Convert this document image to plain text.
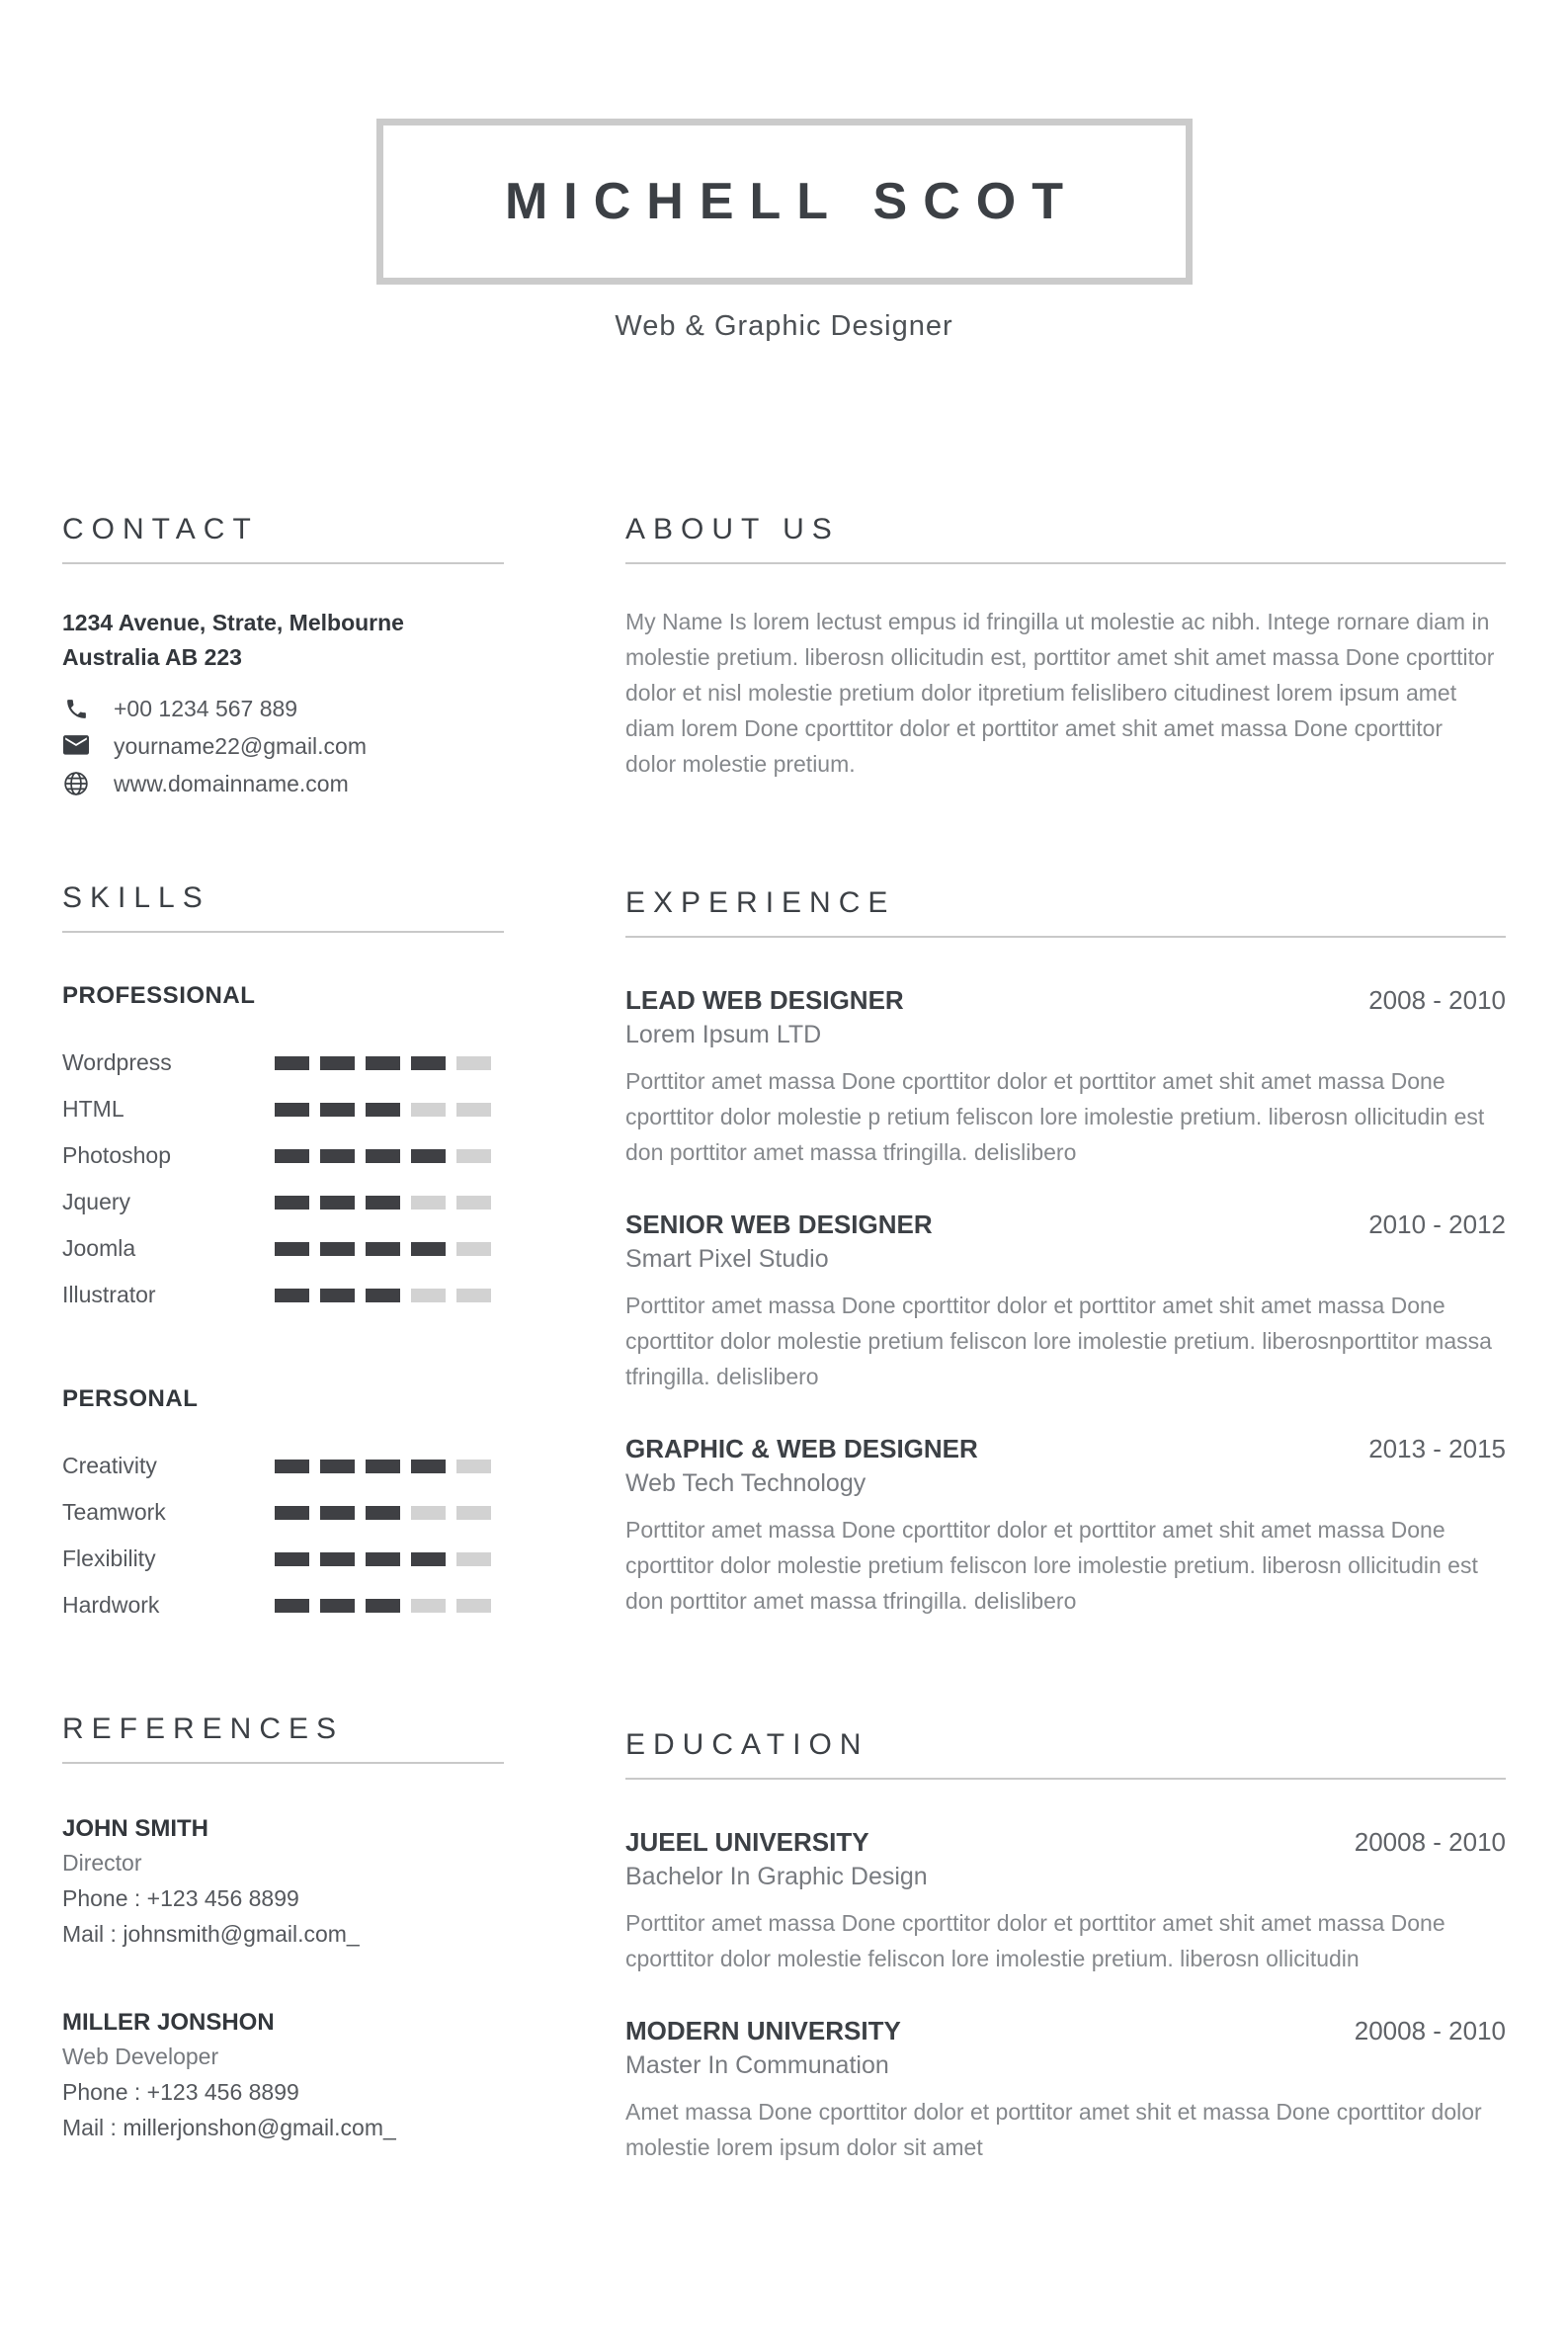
MICHELL SCOT
Web & Graphic Designer
CONTACT
1234 Avenue, Strate, Melbourne
Australia AB 223
+00 1234 567 889
yourname22@gmail.com
www.domainname.com
SKILLS
PROFESSIONAL
Wordpress
HTML
Photoshop
Jquery
Joomla
Illustrator
PERSONAL
Creativity
Teamwork
Flexibility
Hardwork
REFERENCES
JOHN SMITH
Director
Phone : +123 456 8899
Mail : johnsmith@gmail.com_
MILLER JONSHON
Web Developer
Phone : +123 456 8899
Mail : millerjonshon@gmail.com_
ABOUT US

My Name Is lorem lectust empus id fringilla ut molestie ac nibh. Intege rornare diam in molestie pretium. liberosn ollicitudin est, porttitor amet shit amet massa Done cporttitor dolor et nisl molestie pretium dolor itpretium felislibero citudinest lorem ipsum amet diam lorem Done cporttitor dolor et porttitor amet shit amet massa Done cporttitor dolor molestie pretium.

EXPERIENCE
LEAD WEB DESIGNER	2008 - 2010
Lorem Ipsum LTD

Porttitor amet massa Done cporttitor dolor et porttitor amet shit amet massa Done cporttitor dolor molestie p retium feliscon lore imolestie pretium. liberosn ollicitudin est don porttitor amet massa tfringilla. delislibero

SENIOR WEB DESIGNER	2010 - 2012
Smart Pixel Studio

Porttitor amet massa Done cporttitor dolor et porttitor amet shit amet massa Done cporttitor dolor molestie pretium feliscon lore imolestie pretium. liberosnporttitor massa tfringilla. delislibero

GRAPHIC & WEB DESIGNER	2013 - 2015
Web Tech Technology

Porttitor amet massa Done cporttitor dolor et porttitor amet shit amet massa Done cporttitor dolor molestie pretium feliscon lore imolestie pretium. liberosn ollicitudin est don porttitor amet massa tfringilla. delislibero

EDUCATION
JUEEL UNIVERSITY	20008 - 2010
Bachelor In Graphic Design

Porttitor amet massa Done cporttitor dolor et porttitor amet shit amet massa Done cporttitor dolor molestie feliscon lore imolestie pretium. liberosn ollicitudin

MODERN UNIVERSITY	20008 - 2010
Master In Communation

Amet massa Done cporttitor dolor et porttitor amet shit et massa Done cporttitor dolor molestie lorem ipsum dolor sit amet
